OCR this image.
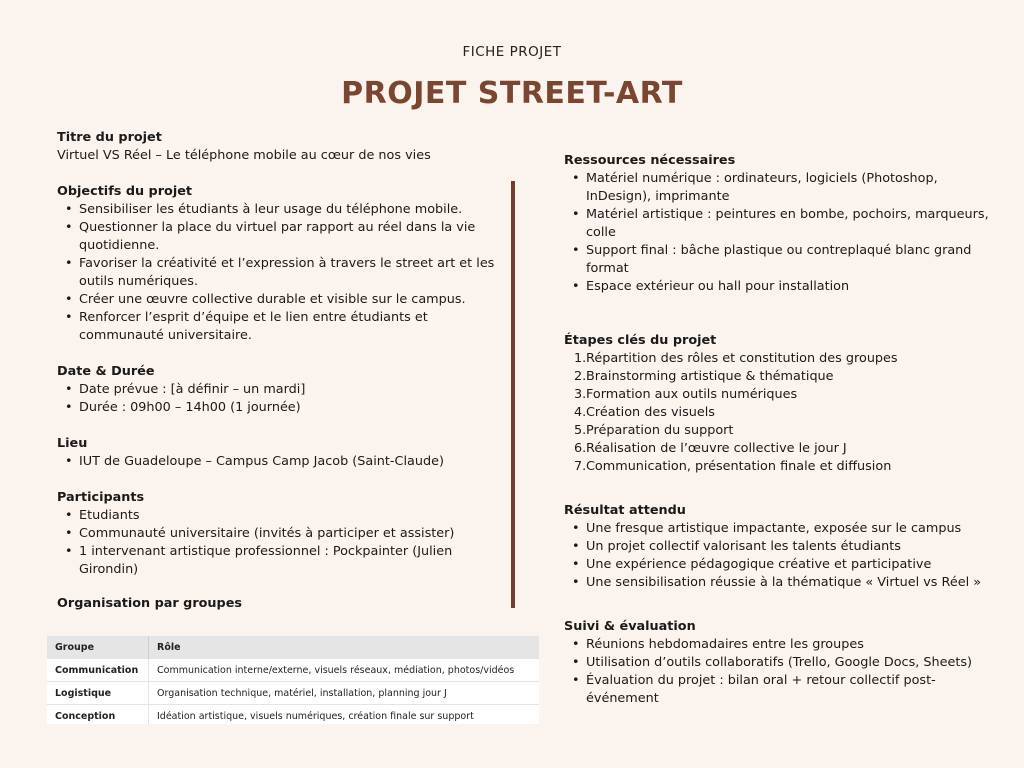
FICHE PROJET
PROJET STREET-ART
Titre du projet
Virtuel VS Réel – Le téléphone mobile au cœur de nos vies
Objectifs du projet
• Sensibiliser les étudiants à leur usage du téléphone mobile.
• Questionner la place du virtuel par rapport au réel dans la vie quotidienne.
• Favoriser la créativité et l’expression à travers le street art et les outils numériques.
• Créer une œuvre collective durable et visible sur le campus.
• Renforcer l’esprit d’équipe et le lien entre étudiants et communauté universitaire.
Date & Durée
• Date prévue : [à définir – un mardi]
• Durée : 09h00 – 14h00 (1 journée)
Lieu
• IUT de Guadeloupe – Campus Camp Jacob (Saint-Claude)
Participants
• Etudiants
• Communauté universitaire (invités à participer et assister)
• 1 intervenant artistique professionnel : Pockpainter (Julien Girondin)
Organisation par groupes
Groupe	Rôle
Communication	Communication interne/externe, visuels réseaux, médiation, photos/vidéos
Logistique	Organisation technique, matériel, installation, planning jour J
Conception	Idéation artistique, visuels numériques, création finale sur support
Ressources nécessaires
• Matériel numérique : ordinateurs, logiciels (Photoshop, InDesign), imprimante
• Matériel artistique : peintures en bombe, pochoirs, marqueurs, colle
• Support final : bâche plastique ou contreplaqué blanc grand format
• Espace extérieur ou hall pour installation
Étapes clés du projet
1. Répartition des rôles et constitution des groupes
2. Brainstorming artistique & thématique
3. Formation aux outils numériques
4. Création des visuels
5. Préparation du support
6. Réalisation de l’œuvre collective le jour J
7. Communication, présentation finale et diffusion
Résultat attendu
• Une fresque artistique impactante, exposée sur le campus
• Un projet collectif valorisant les talents étudiants
• Une expérience pédagogique créative et participative
• Une sensibilisation réussie à la thématique « Virtuel vs Réel »
Suivi & évaluation
• Réunions hebdomadaires entre les groupes
• Utilisation d’outils collaboratifs (Trello, Google Docs, Sheets)
• Évaluation du projet : bilan oral + retour collectif post-événement
